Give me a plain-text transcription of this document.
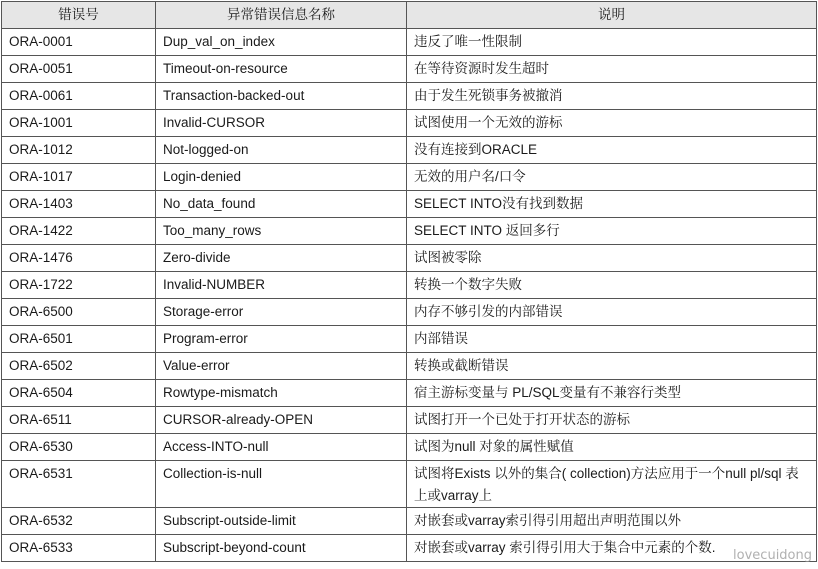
错误号	异常错误信息名称	说明
ORA-0001	Dup_val_on_index	违反了唯一性限制
ORA-0051	Timeout-on-resource	在等待资源时发生超时
ORA-0061	Transaction-backed-out	由于发生死锁事务被撤消
ORA-1001	Invalid-CURSOR	试图使用一个无效的游标
ORA-1012	Not-logged-on	没有连接到ORACLE
ORA-1017	Login-denied	无效的用户名/口令
ORA-1403	No_data_found	SELECT INTO没有找到数据
ORA-1422	Too_many_rows	SELECT INTO 返回多行
ORA-1476	Zero-divide	试图被零除
ORA-1722	Invalid-NUMBER	转换一个数字失败
ORA-6500	Storage-error	内存不够引发的内部错误
ORA-6501	Program-error	内部错误
ORA-6502	Value-error	转换或截断错误
ORA-6504	Rowtype-mismatch	宿主游标变量与 PL/SQL变量有不兼容行类型
ORA-6511	CURSOR-already-OPEN	试图打开一个已处于打开状态的游标
ORA-6530	Access-INTO-null	试图为null 对象的属性赋值
ORA-6531	Collection-is-null	试图将Exists 以外的集合( collection)方法应用于一个null pl/sql 表上或varray上
ORA-6532	Subscript-outside-limit	对嵌套或varray索引得引用超出声明范围以外
ORA-6533	Subscript-beyond-count	对嵌套或varray 索引得引用大于集合中元素的个数.
lovecuidong
